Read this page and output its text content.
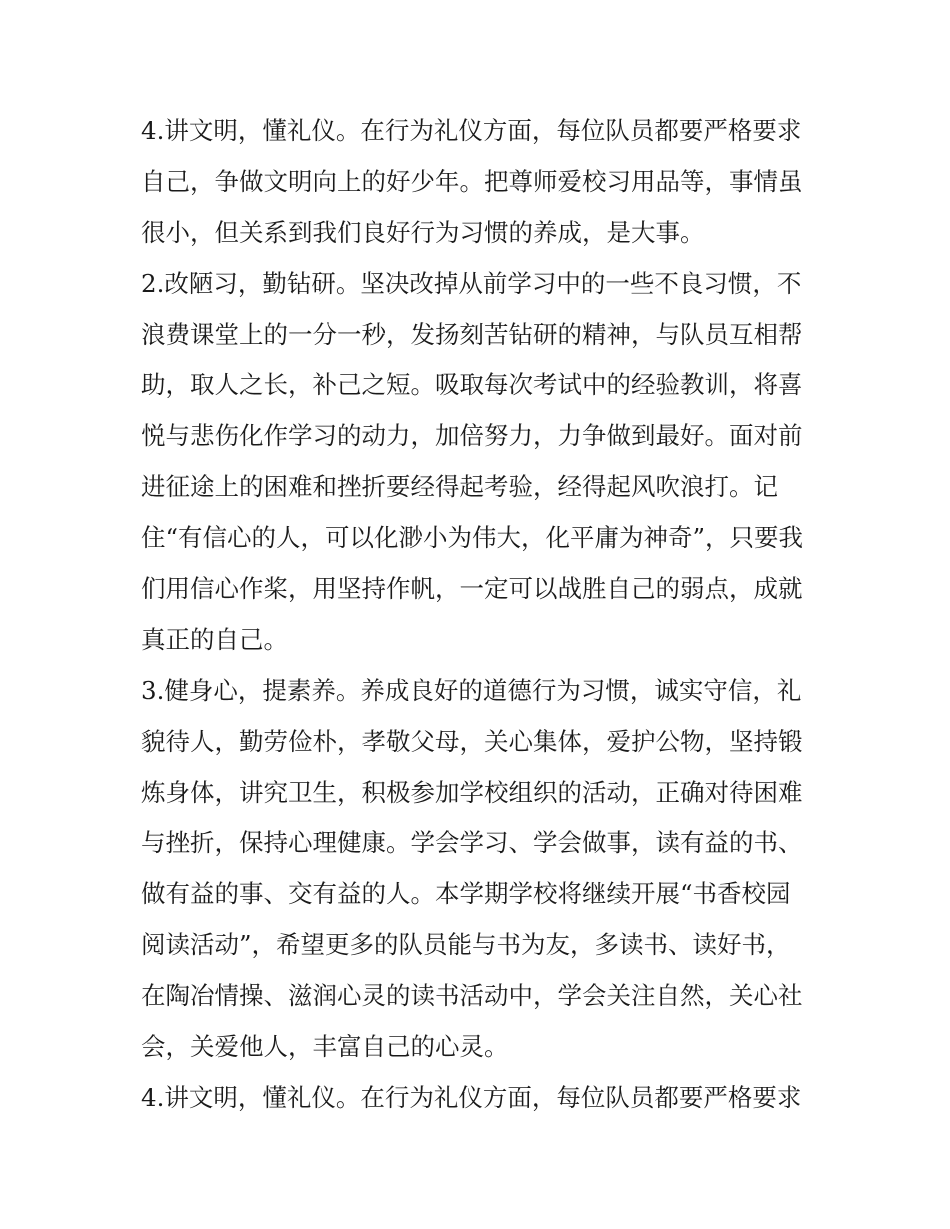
4.讲文明，懂礼仪。在行为礼仪方面，每位队员都要严格要求
自己，争做文明向上的好少年。把尊师爱校习用品等，事情虽
很小，但关系到我们良好行为习惯的养成，是大事。
2.改陋习，勤钻研。坚决改掉从前学习中的一些不良习惯，不
浪费课堂上的一分一秒，发扬刻苦钻研的精神，与队员互相帮
助，取人之长，补己之短。吸取每次考试中的经验教训，将喜
悦与悲伤化作学习的动力，加倍努力，力争做到最好。面对前
进征途上的困难和挫折要经得起考验，经得起风吹浪打。记
住“有信心的人，可以化渺小为伟大，化平庸为神奇”，只要我
们用信心作桨，用坚持作帆，一定可以战胜自己的弱点，成就
真正的自己。
3.健身心，提素养。养成良好的道德行为习惯，诚实守信，礼
貌待人，勤劳俭朴，孝敬父母，关心集体，爱护公物，坚持锻
炼身体，讲究卫生，积极参加学校组织的活动，正确对待困难
与挫折，保持心理健康。学会学习、学会做事，读有益的书、
做有益的事、交有益的人。本学期学校将继续开展“书香校园
阅读活动”，希望更多的队员能与书为友，多读书、读好书，
在陶冶情操、滋润心灵的读书活动中，学会关注自然，关心社
会，关爱他人，丰富自己的心灵。
4.讲文明，懂礼仪。在行为礼仪方面，每位队员都要严格要求
